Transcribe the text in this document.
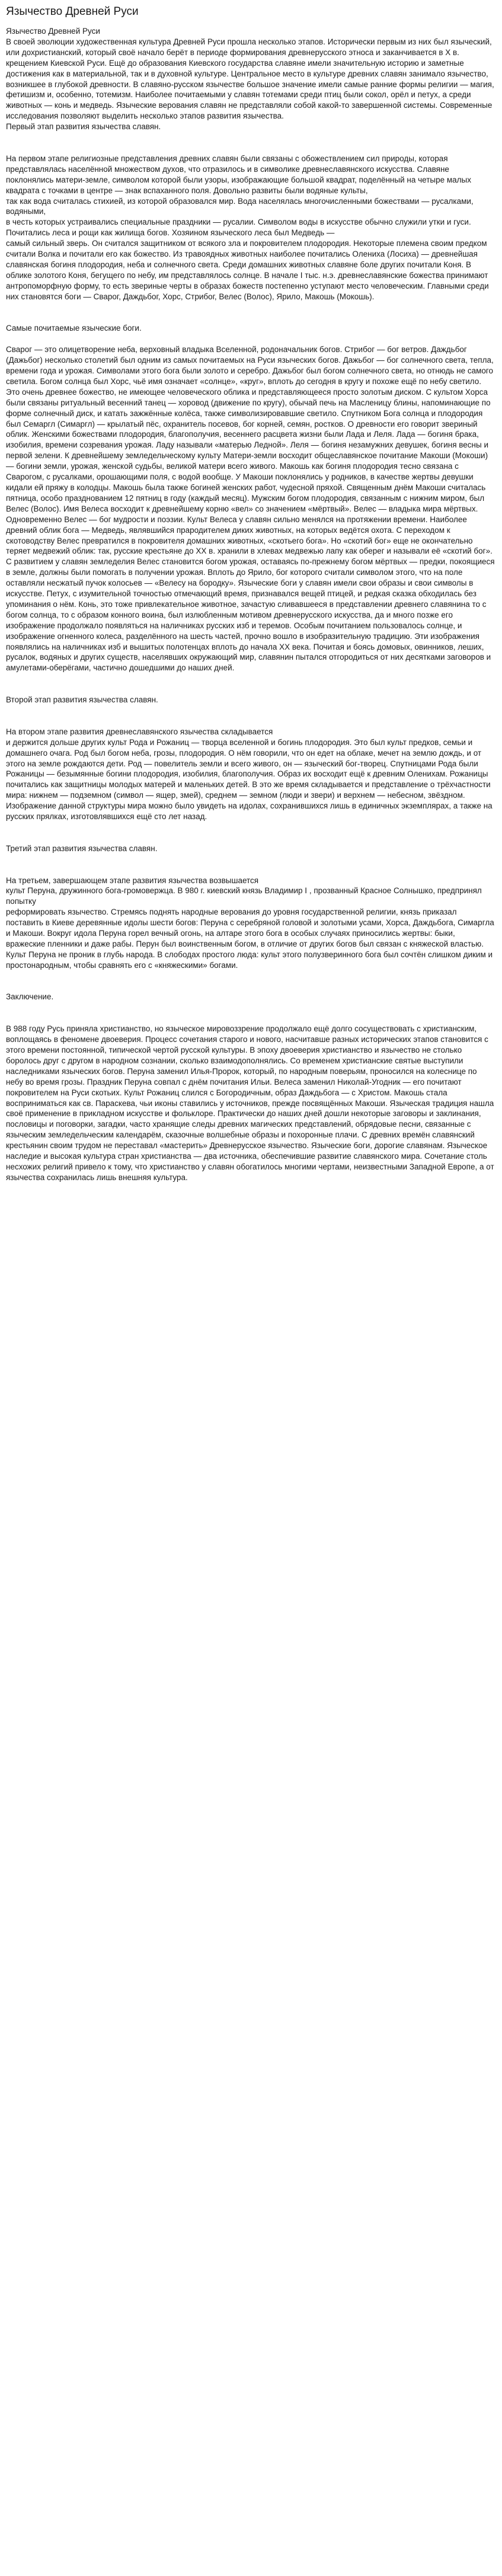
Язычество Древней Руси
Язычество Древней Руси
В своей эволюции художественная культура Древней Руси прошла несколько этапов. Исторически первым из них был языческий, или дохристианский, который своё начало берёт в периоде формирования древнерусского этноса и заканчивается в X в. крещением Киевской Руси. Ещё до образования Киевского государства славяне имели значительную историю и заметные достижения как в материальной, так и в духовной культуре. Центральное место в культуре древних славян занимало язычество, возникшее в глубокой древности. В славяно-русском язычестве большое значение имели самые ранние формы религии — магия, фетишизм и, особенно, тотемизм. Наиболее почитаемыми у славян тотемами среди птиц были сокол, орёл и петух, а среди животных — конь и медведь. Языческие верования славян не представляли собой какой-то завершенной системы. Современные исследования позволяют выделить несколько этапов развития язычества.
Первый этап развития язычества славян.

На первом этапе религиозные представления древних славян были связаны с обожествлением сил природы, которая представлялась населённой множеством духов, что отразилось и в символике древнеславянского искусства. Славяне поклонялись матери-земле, символом которой были узоры, изображающие большой квадрат, поделённый на четыре малых квадрата с точками в центре — знак вспаханного поля. Довольно развиты были водяные культы,
так как вода считалась стихией, из которой образовался мир. Вода населялась многочисленными божествами — русалками, водяными,
в честь которых устраивались специальные праздники — русалии. Символом воды в искусстве обычно служили утки и гуси. Почитались леса и рощи как жилища богов. Хозяином языческого леса был Медведь —
самый сильный зверь. Он считался защитником от всякого зла и покровителем плодородия. Некоторые племена своим предком считали Волка и почитали его как божество. Из травоядных животных наиболее почитались Олениха (Лосиха) — древнейшая славянская богиня плодородия, неба и солнечного света. Среди домашних животных славяне боле других почитали Коня. В облике золотого Коня, бегущего по небу, им представлялось солнце. В начале I тыс. н.э. древнеславянские божества принимают антропоморфную форму, то есть звериные черты в образах божеств постепенно уступают место человеческим. Главными среди них становятся боги — Сварог, Даждьбог, Хорс, Стрибог, Велес (Волос), Ярило, Макошь (Мокошь).

Самые почитаемые языческие боги.

Сварог — это олицетворение неба, верховный владыка Вселенной, родоначальник богов. Стрибог — бог ветров. Даждьбог (Дажьбог) несколько столетий был одним из самых почитаемых на Руси языческих богов. Дажьбог — бог солнечного света, тепла, времени года и урожая. Символами этого бога были золото и серебро. Дажьбог был богом солнечного света, но отнюдь не самого светила. Богом солнца был Хорс, чьё имя означает «солнце», «круг», вплоть до сегодня в кругу и похоже ещё по небу светило. Это очень древнее божество, не имеющее человеческого облика и представляющееся просто золотым диском. С культом Хорса были связаны ритуальный весенний танец — хоровод (движение по кругу), обычай печь на Масленицу блины, напоминающие по форме солнечный диск, и катать зажжённые колёса, также символизировавшие светило. Спутником Бога солнца и плодородия был Семаргл (Симаргл) — крылатый пёс, охранитель посевов, бог корней, семян, ростков. О древности его говорит звериный облик. Женскими божествами плодородия, благополучия, весеннего расцвета жизни были Лада и Леля. Лада — богиня брака, изобилия, времени созревания урожая. Ладу называли «матерью Ледной». Леля — богиня незамужних девушек, богиня весны и первой зелени. К древнейшему земледельческому культу Матери-земли восходит общеславянское почитание Макоши (Мокоши) — богини земли, урожая, женской судьбы, великой матери всего живого. Макошь как богиня плодородия тесно связана с Сварогом, с русалками, орошающими поля, с водой вообще. У Макоши поклонялись у родников, в качестве жертвы девушки кидали ей пряжу в колодцы. Макошь была также богиней женских работ, чудесной пряхой. Священным днём Макоши считалась пятница, особо празднованием 12 пятниц в году (каждый месяц). Мужским богом плодородия, связанным с нижним миром, был Велес (Волос). Имя Велеса восходит к древнейшему корню «вел» со значением «мёртвый». Велес — владыка мира мёртвых. Одновременно Велес — бог мудрости и поэзии. Культ Велеса у славян сильно менялся на протяжении времени. Наиболее древний облик бога — Медведь, являвшийся прародителем диких животных, на которых ведётся охота. С переходом к скотоводству Велес превратился в покровителя домашних животных, «скотьего бога». Но «скотий бог» еще не окончательно теряет медвежий облик: так, русские крестьяне до XX в. хранили в хлевах медвежью лапу как оберег и называли её «скотий бог». С развитием у славян земледелия Велес становится богом урожая, оставаясь по-прежнему богом мёртвых — предки, покоящиеся в земле, должны были помогать в получении урожая. Вплоть до Ярило, бог которого считали символом этого, что на поле оставляли несжатый пучок колосьев — «Велесу на бородку». Языческие боги у славян имели свои образы и свои символы в искусстве. Петух, с изумительной точностью отмечающий время, признавался вещей птицей, и редкая сказка обходилась без упоминания о нём. Конь, это тоже привлекательное животное, зачастую сливавшееся в представлении древнего славянина то с богом солнца, то с образом конного воина, был излюбленным мотивом древнерусского искусства, да и много позже его изображение продолжало появляться на наличниках русских изб и теремов. Особым почитанием пользовалось солнце, и изображение огненного колеса, разделённого на шесть частей, прочно вошло в изобразительную традицию. Эти изображения появлялись на наличниках изб и вышитых полотенцах вплоть до начала XX века. Почитая и боясь домовых, овинников, лешиx, русалок, водяных и других существ, населявших окружающий мир, славянин пытался отгородиться от них десятками заговоров и амулетами-оберёгами, частично дошедшими до наших дней.

Второй этап развития язычества славян.

На втором этапе развития древнеславянского язычества складывается
и держится дольше других культ Рода и Рожаниц — творца вселенной и богинь плодородия. Это был культ предков, семьи и домашнего очага. Род был богом неба, грозы, плодородия. О нём говорили, что он едет на облаке, мечет на землю дождь, и от этого на земле рождаются дети. Род — повелитель земли и всего живого, он — языческий бог-творец. Спутницами Рода были Рожаницы — безымянные богини плодородия, изобилия, благополучия. Образ их восходит ещё к древним Оленихам. Рожаницы почитались как защитницы молодых матерей и маленьких детей. В это же время складывается и представление о трёхчастности мира: нижнем — подземном (символ — ящер, змей), среднем — земном (люди и звери) и верхнем — небесном, звёздном. Изображение данной структуры мира можно было увидеть на идолах, сохранившихся лишь в единичных экземплярах, а также на русских прялках, изготовлявшихся ещё сто лет назад.

Третий этап развития язычества славян.

На третьем, завершающем этапе развития язычества возвышается
культ Перуна, дружинного бога-громовержца. В 980 г. киевский князь Владимир I , прозванный Красное Солнышко, предпринял попытку
реформировать язычество. Стремясь поднять народные верования до уровня государственной религии, князь приказал поставить в Киеве деревянные идолы шести богов: Перуна с серебряной головой и золотыми усами, Хорса, Даждьбога, Симаргла и Макоши. Вокруг идола Перуна горел вечный огонь, на алтаре этого бога в особых случаях приносились жертвы: быки, вражеские пленники и даже рабы. Перун был воинственным богом, в отличие от других богов был связан с княжеской властью. Культ Перуна не проник в глубь народа. В слободах простого люда: культ этого полузверинного бога был сочтён слишком диким и простонародным, чтобы сравнять его с «княжескими» богами.

Заключение.

В 988 году Русь приняла христианство, но языческое мировоззрение продолжало ещё долго сосуществовать с христианским, воплощаясь в феномене двоеверия. Процесс сочетания старого и нового, насчитавше разных исторических этапов становится с этого времени постоянной, типической чертой русской культуры. В эпоху двоеверия христианство и язычество не столько боролось друг с другом в народном сознании, сколько взаимодополнялись. Со временем христианские святые выступили наследниками языческих богов. Перуна заменил Илья-Пророк, который, по народным поверьям, проносился на колеснице по небу во время грозы. Праздник Перуна совпал с днём почитания Ильи. Велеса заменил Николай-Угодник — его почитают покровителем на Руси скотьих. Культ Рожаниц слился с Богородичным, образ Даждьбога — с Христом. Макошь стала восприниматься как св. Параскева, чьи иконы ставились у источников, прежде посвящённых Макоши. Языческая традиция нашла своё применение в прикладном искусстве и фольклоре. Практически до наших дней дошли некоторые заговоры и заклинания, пословицы и поговорки, загадки, часто хранящие следы древних магических представлений, обрядовые песни, связанные с языческим земледельческим календарём, сказочные волшебные образы и похоронные плачи. С древних времён славянский крестьянин своим трудом не переставал «мастерить» Древнерусское язычество. Языческие боги, дорогие славянам. Языческое наследие и высокая культура стран христианства — два источника, обеспечившие развитие славянского мира. Сочетание столь несхожих религий привело к тому, что христианство у славян обогатилось многими чертами, неизвестными Западной Европе, а от язычества сохранилась лишь внешняя культура.
